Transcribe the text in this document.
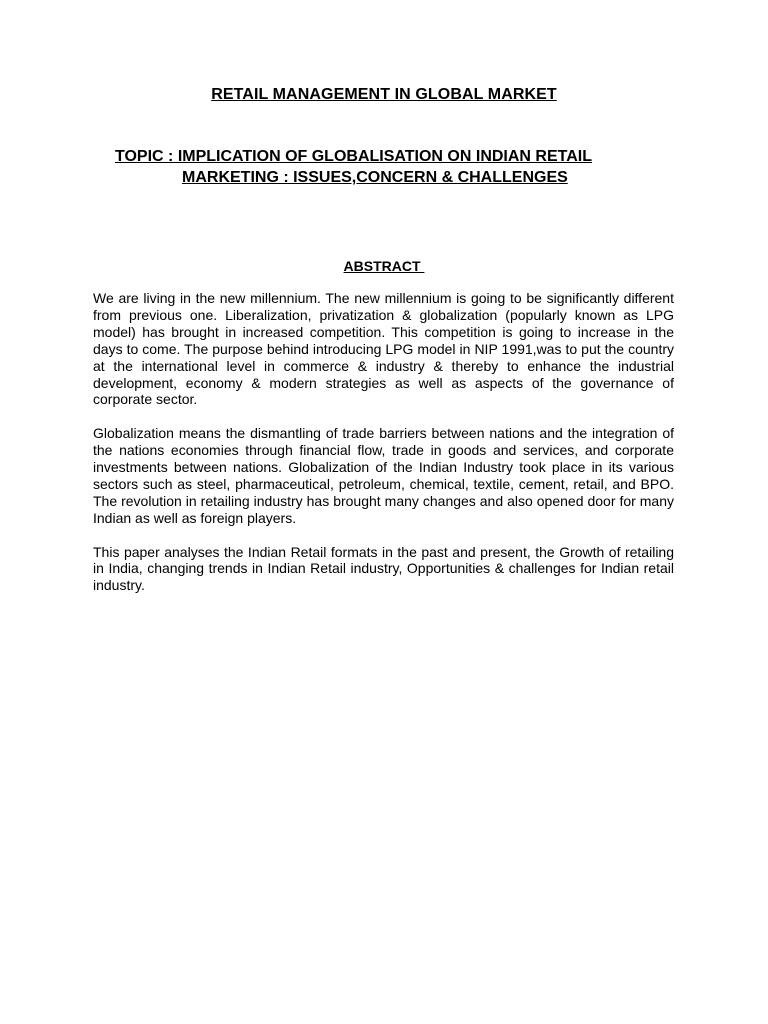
RETAIL MANAGEMENT IN GLOBAL MARKET
TOPIC : IMPLICATION OF GLOBALISATION ON INDIAN RETAIL
MARKETING : ISSUES,CONCERN & CHALLENGES
ABSTRACT

We are living in the new millennium. The new millennium is going to be significantly different from previous one. Liberalization, privatization & globalization (popularly known as LPG model) has brought in increased competition. This competition is going to increase in the days to come. The purpose behind introducing LPG model in NIP 1991,was to put the country at the international level in commerce & industry & thereby to enhance the industrial development, economy & modern strategies as well as aspects of the governance of corporate sector.

Globalization means the dismantling of trade barriers between nations and the integration of the nations economies through financial flow, trade in goods and services, and corporate investments between nations. Globalization of the Indian Industry took place in its various sectors such as steel, pharmaceutical, petroleum, chemical, textile, cement, retail, and BPO. The revolution in retailing industry has brought many changes and also opened door for many Indian as well as foreign players.

This paper analyses the Indian Retail formats in the past and present, the Growth of retailing in India, changing trends in Indian Retail industry, Opportunities & challenges for Indian retail industry.
